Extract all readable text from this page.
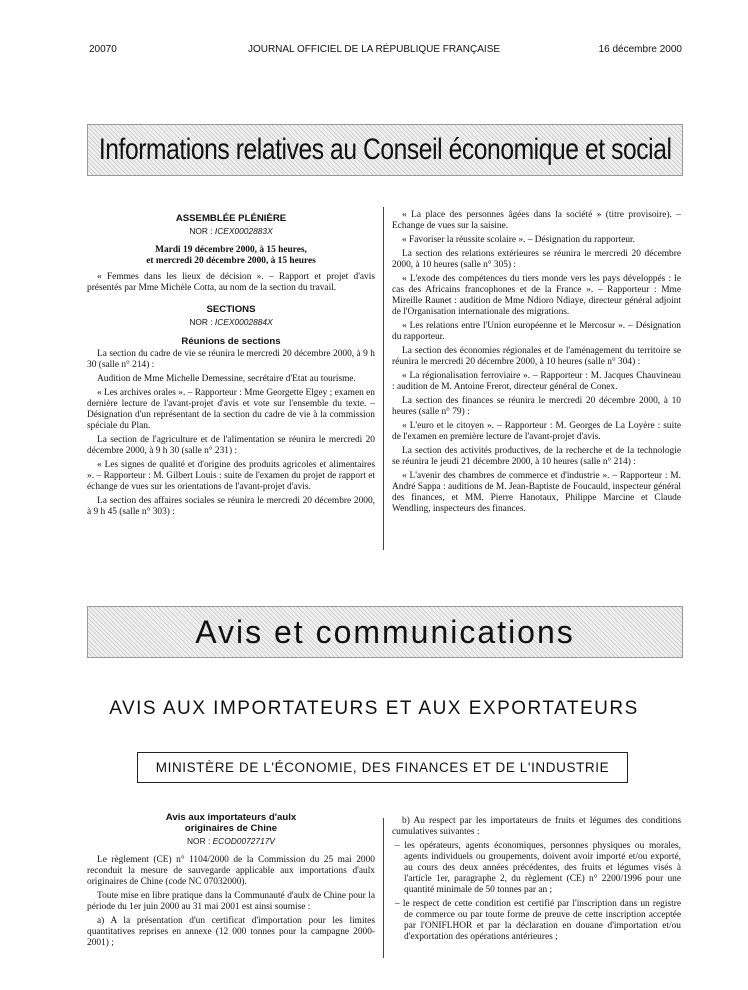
20070	JOURNAL OFFICIEL DE LA RÉPUBLIQUE FRANÇAISE	16 décembre 2000
Informations relatives au Conseil économique et social
ASSEMBLÉE PLÉNIÈRE
NOR : ICEX0002883X

Mardi 19 décembre 2000, à 15 heures,

et mercredi 20 décembre 2000, à 15 heures

« Femmes dans les lieux de décision ». – Rapport et projet d'avis présentés par Mme Michèle Cotta, au nom de la section du travail.

SECTIONS
NOR : ICEX0002884X
Réunions de sections

La section du cadre de vie se réunira le mercredi 20 décembre 2000, à 9 h 30 (salle n° 214) :

Audition de Mme Michelle Demessine, secrétaire d'Etat au tourisme.

« Les archives orales ». – Rapporteur : Mme Georgette Elgey ; examen en dernière lecture de l'avant-projet d'avis et vote sur l'ensemble du texte. – Désignation d'un représentant de la section du cadre de vie à la commission spéciale du Plan.

La section de l'agriculture et de l'alimentation se réunira le mercredi 20 décembre 2000, à 9 h 30 (salle n° 231) :

« Les signes de qualité et d'origine des produits agricoles et alimentaires ». – Rapporteur : M. Gilbert Louis : suite de l'examen du projet de rapport et échange de vues sur les orientations de l'avant-projet d'avis.

La section des affaires sociales se réunira le mercredi 20 décembre 2000, à 9 h 45 (salle n° 303) :

« La place des personnes âgées dans la société » (titre provisoire). – Echange de vues sur la saisine.

« Favoriser la réussite scolaire ». – Désignation du rapporteur.

La section des relations extérieures se réunira le mercredi 20 décembre 2000, à 10 heures (salle n° 305) :

« L'exode des compétences du tiers monde vers les pays développés : le cas des Africains francophones et de la France ». – Rapporteur : Mme Mireille Raunet : audition de Mme Ndioro Ndiaye, directeur général adjoint de l'Organisation internationale des migrations.

« Les relations entre l'Union européenne et le Mercosur ». – Désignation du rapporteur.

La section des économies régionales et de l'aménagement du territoire se réunira le mercredi 20 décembre 2000, à 10 heures (salle n° 304) :

« La régionalisation ferroviaire ». – Rapporteur : M. Jacques Chauvineau : audition de M. Antoine Frerot, directeur général de Conex.

La section des finances se réunira le mercredi 20 décembre 2000, à 10 heures (salle n° 79) :

« L'euro et le citoyen ». – Rapporteur : M. Georges de La Loyère : suite de l'examen en première lecture de l'avant-projet d'avis.

La section des activités productives, de la recherche et de la technologie se réunira le jeudi 21 décembre 2000, à 10 heures (salle n° 214) :

« L'avenir des chambres de commerce et d'industrie ». – Rapporteur : M. André Sappa : auditions de M. Jean-Baptiste de Foucauld, inspecteur général des finances, et MM. Pierre Hanotaux, Philippe Marcine et Claude Wendling, inspecteurs des finances.

Avis et communications
AVIS AUX IMPORTATEURS ET AUX EXPORTATEURS
MINISTÈRE DE L'ÉCONOMIE, DES FINANCES ET DE L'INDUSTRIE
Avis aux importateurs d'aulx
originaires de Chine
NOR : ECOD0072717V

Le règlement (CE) n° 1104/2000 de la Commission du 25 mai 2000 reconduit la mesure de sauvegarde applicable aux importations d'aulx originaires de Chine (code NC 07032000).

Toute mise en libre pratique dans la Communauté d'aulx de Chine pour la période du 1er juin 2000 au 31 mai 2001 est ainsi soumise :

a) A la présentation d'un certificat d'importation pour les limites quantitatives reprises en annexe (12 000 tonnes pour la campagne 2000-2001) ;

b) Au respect par les importateurs de fruits et légumes des conditions cumulatives suivantes :

– les opérateurs, agents économiques, personnes physiques ou morales, agents individuels ou groupements, doivent avoir importé et/ou exporté, au cours des deux années précédentes, des fruits et légumes visés à l'article 1er, paragraphe 2, du règlement (CE) n° 2200/1996 pour une quantité minimale de 50 tonnes par an ;
– le respect de cette condition est certifié par l'inscription dans un registre de commerce ou par toute forme de preuve de cette inscription acceptée par l'ONIFLHOR et par la déclaration en douane d'importation et/ou d'exportation des opérations antérieures ;
